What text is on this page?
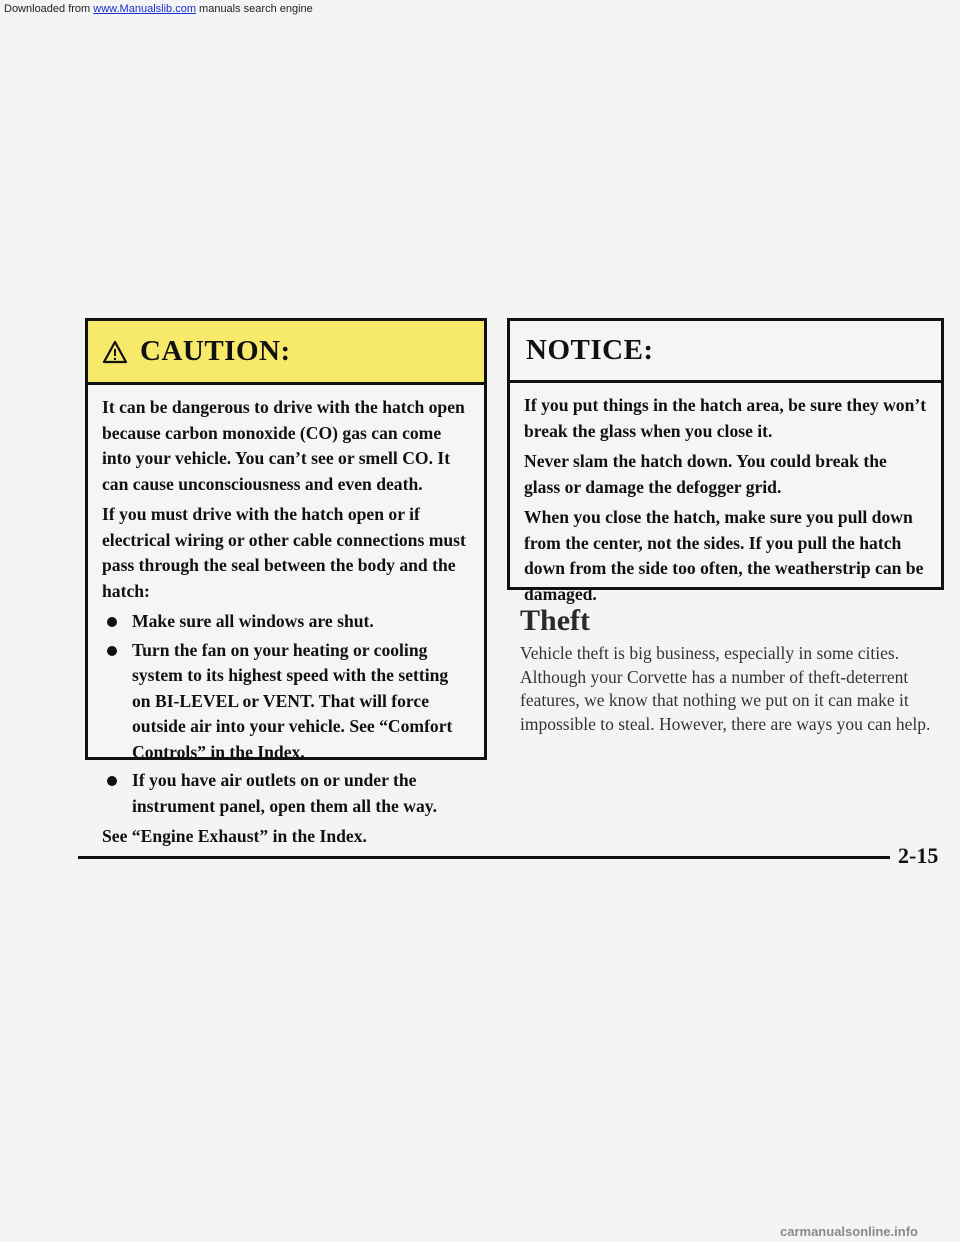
Downloaded from www.Manualslib.com manuals search engine
CAUTION:

It can be dangerous to drive with the hatch open because carbon monoxide (CO) gas can come into your vehicle. You can’t see or smell CO. It can cause unconsciousness and even death.

If you must drive with the hatch open or if electrical wiring or other cable connections must pass through the seal between the body and the hatch:

Make sure all windows are shut.
Turn the fan on your heating or cooling system to its highest speed with the setting on BI-LEVEL or VENT. That will force outside air into your vehicle. See “Comfort Controls” in the Index.
If you have air outlets on or under the instrument panel, open them all the way.

See “Engine Exhaust” in the Index.

NOTICE:

If you put things in the hatch area, be sure they won’t break the glass when you close it.

Never slam the hatch down. You could break the glass or damage the defogger grid.

When you close the hatch, make sure you pull down from the center, not the sides. If you pull the hatch down from the side too often, the weatherstrip can be damaged.

Theft

Vehicle theft is big business, especially in some cities. Although your Corvette has a number of theft-deterrent features, we know that nothing we put on it can make it impossible to steal. However, there are ways you can help.

2-15

carmanualsonline.info
